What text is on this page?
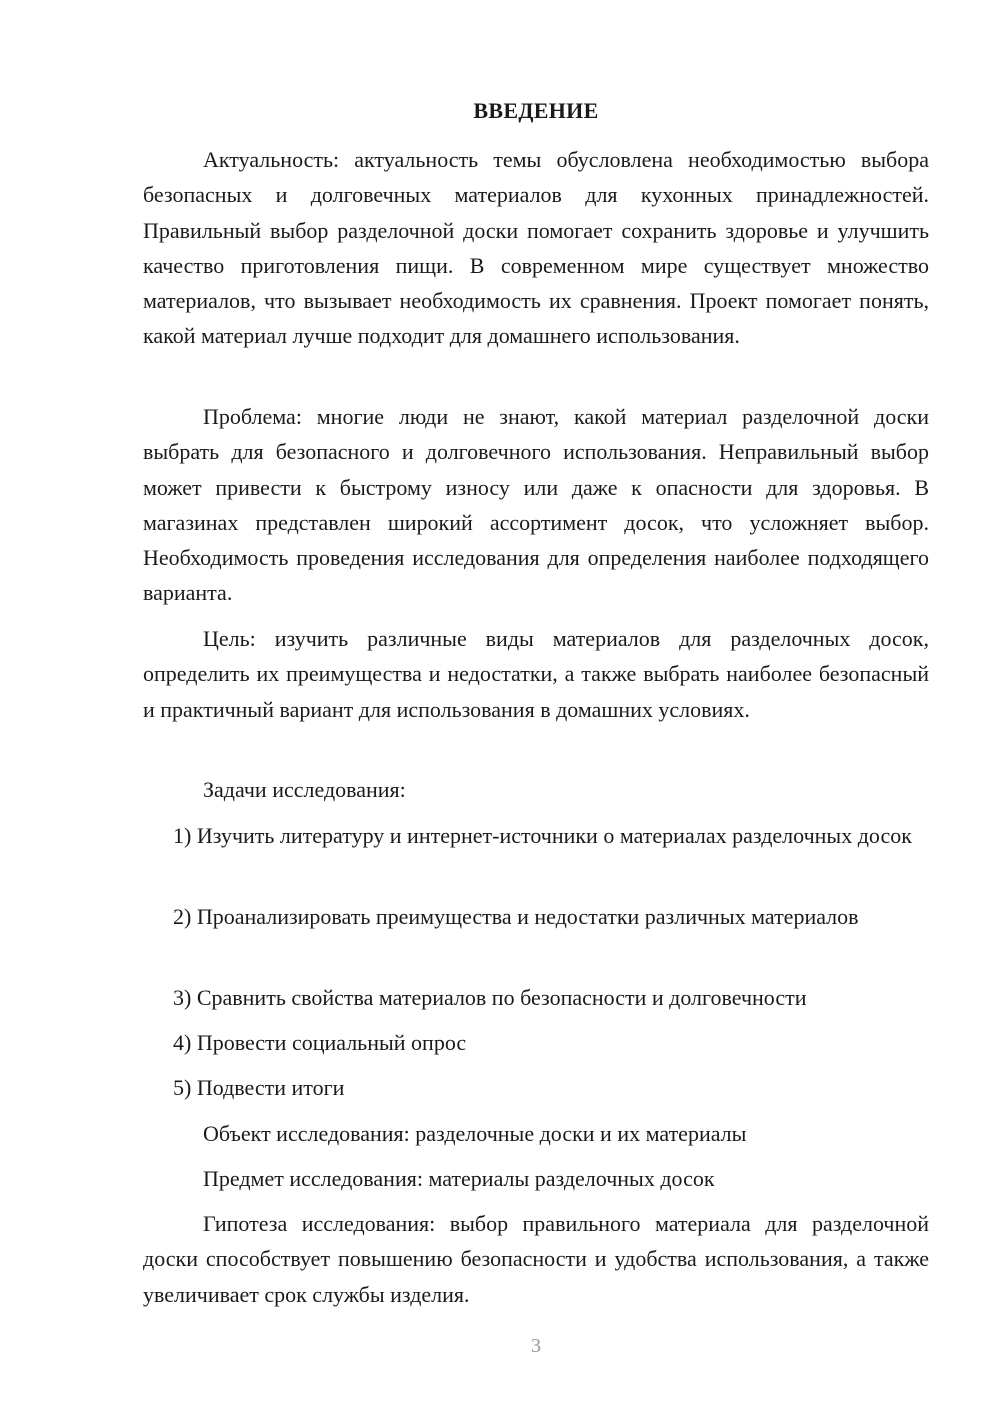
ВВЕДЕНИЕ
Актуальность: актуальность темы обусловлена необходимостью выбора безопасных и долговечных материалов для кухонных принадлежностей. Правильный выбор разделочной доски помогает сохранить здоровье и улучшить качество приготовления пищи. В современном мире существует множество материалов, что вызывает необходимость их сравнения. Проект помогает понять, какой материал лучше подходит для домашнего использования.
Проблема: многие люди не знают, какой материал разделочной доски выбрать для безопасного и долговечного использования. Неправильный выбор может привести к быстрому износу или даже к опасности для здоровья. В магазинах представлен широкий ассортимент досок, что усложняет выбор. Необходимость проведения исследования для определения наиболее подходящего варианта.
Цель: изучить различные виды материалов для разделочных досок, определить их преимущества и недостатки, а также выбрать наиболее безопасный и практичный вариант для использования в домашних условиях.
Задачи исследования:
1) Изучить литературу и интернет-источники о материалах разделочных досок
2) Проанализировать преимущества и недостатки различных материалов
3) Сравнить свойства материалов по безопасности и долговечности
4) Провести социальный опрос
5) Подвести итоги
Объект исследования: разделочные доски и их материалы
Предмет исследования: материалы разделочных досок
Гипотеза исследования: выбор правильного материала для разделочной доски способствует повышению безопасности и удобства использования, а также увеличивает срок службы изделия.
3
